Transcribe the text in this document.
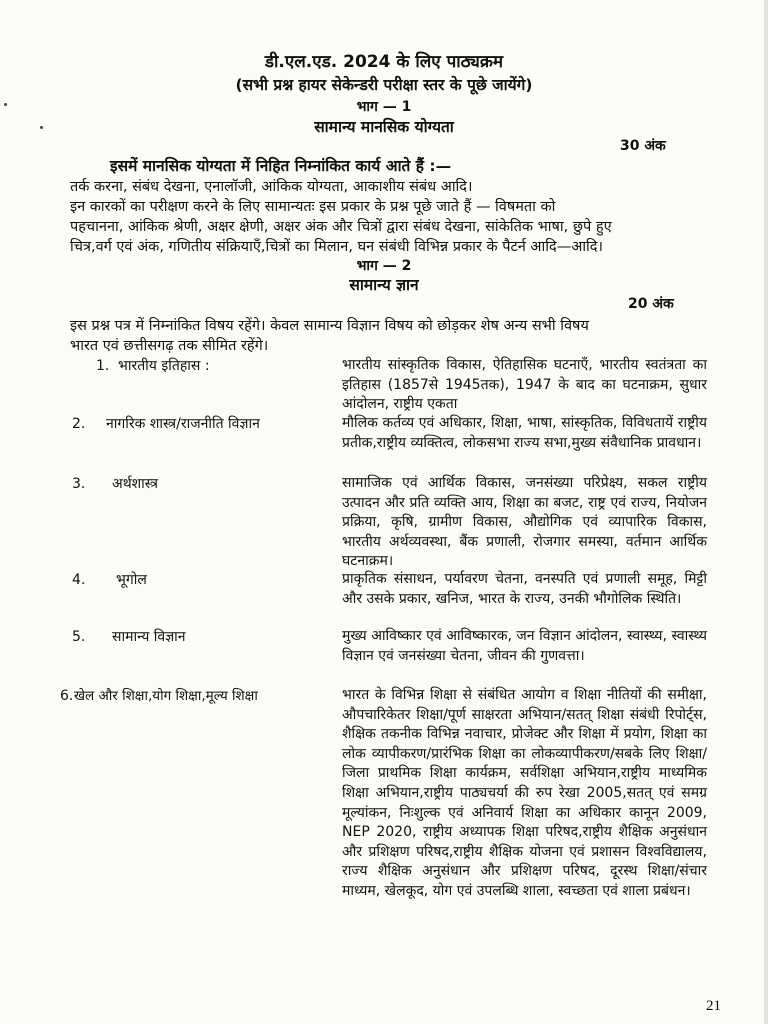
डी.एल.एड. 2024 के लिए पाठ्यक्रम
(सभी प्रश्न हायर सेकेन्डरी परीक्षा स्तर के पूछे जायेंगे)
भाग — 1
सामान्य मानसिक योग्यता
30 अंक
इसमें मानसिक योग्यता में निहित निम्नांकित कार्य आते हैं :—
तर्क करना, संबंध देखना, एनालॉजी, आंकिक योग्यता, आकाशीय संबंध आदि।
इन कारकों का परीक्षण करने के लिए सामान्यतः इस प्रकार के प्रश्न पूछे जाते हैं — विषमता को
पहचानना, आंकिक श्रेणी, अक्षर क्षेणी, अक्षर अंक और चित्रों द्वारा संबंध देखना, सांकेतिक भाषा, छुपे हुए
चित्र,वर्ग एवं अंक, गणितीय संक्रियाएँ,चित्रों का मिलान, घन संबंधी विभिन्न प्रकार के पैटर्न आदि—आदि।
भाग — 2
सामान्य ज्ञान
20 अंक
इस प्रश्न पत्र में निम्नांकित विषय रहेंगे। केवल सामान्य विज्ञान विषय को छोड़कर शेष अन्य सभी विषय
भारत एवं छत्तीसगढ़ तक सीमित रहेंगे।
1. भारतीय इतिहास :	भारतीय सांस्कृतिक विकास, ऐतिहासिक घटनाएँ, भारतीय स्वतंत्रता का इतिहास (1857से 1945तक), 1947 के बाद का घटनाक्रम, सुधार आंदोलन, राष्ट्रीय एकता
2. नागरिक शास्त्र/राजनीति विज्ञान	मौलिक कर्तव्य एवं अधिकार, शिक्षा, भाषा, सांस्कृतिक, विविधतायें राष्ट्रीय प्रतीक,राष्ट्रीय व्यक्तित्व, लोकसभा राज्य सभा,मुख्य संवैधानिक प्रावधान।
3. अर्थशास्त्र	सामाजिक एवं आर्थिक विकास, जनसंख्या परिप्रेक्ष्य, सकल राष्ट्रीय उत्पादन और प्रति व्यक्ति आय, शिक्षा का बजट, राष्ट्र एवं राज्य, नियोजन प्रक्रिया, कृषि, ग्रामीण विकास, औद्योगिक एवं व्यापारिक विकास, भारतीय अर्थव्यवस्था, बैंक प्रणाली, रोजगार समस्या, वर्तमान आर्थिक घटनाक्रम।
4. भूगोल	प्राकृतिक संसाधन, पर्यावरण चेतना, वनस्पति एवं प्रणाली समूह, मिट्टी और उसके प्रकार, खनिज, भारत के राज्य, उनकी भौगोलिक स्थिति।
5. सामान्य विज्ञान	मुख्य आविष्कार एवं आविष्कारक, जन विज्ञान आंदोलन, स्वास्थ्य, स्वास्थ्य विज्ञान एवं जनसंख्या चेतना, जीवन की गुणवत्ता।
6. खेल और शिक्षा,योग शिक्षा,मूल्य शिक्षा	भारत के विभिन्न शिक्षा से संबंधित आयोग व शिक्षा नीतियों की समीक्षा, औपचारिकेतर शिक्षा/पूर्ण साक्षरता अभियान/सतत् शिक्षा संबंधी रिपोर्ट्स, शैक्षिक तकनीक विभिन्न नवाचार, प्रोजेक्ट और शिक्षा में प्रयोग, शिक्षा का लोक व्यापीकरण/प्रारंभिक शिक्षा का लोकव्यापीकरण/सबके लिए शिक्षा/जिला प्राथमिक शिक्षा कार्यक्रम, सर्वशिक्षा अभियान,राष्ट्रीय माध्यमिक शिक्षा अभियान,राष्ट्रीय पाठ्यचर्या की रुप रेखा 2005,सतत् एवं समग्र मूल्यांकन, निःशुल्क एवं अनिवार्य शिक्षा का अधिकार कानून 2009, NEP 2020, राष्ट्रीय अध्यापक शिक्षा परिषद,राष्ट्रीय शैक्षिक अनुसंधान और प्रशिक्षण परिषद,राष्ट्रीय शैक्षिक योजना एवं प्रशासन विश्वविद्यालय, राज्य शैक्षिक अनुसंधान और प्रशिक्षण परिषद, दूरस्थ शिक्षा/संचार माध्यम, खेलकूद, योग एवं उपलब्धि शाला, स्वच्छता एवं शाला प्रबंधन।
21
